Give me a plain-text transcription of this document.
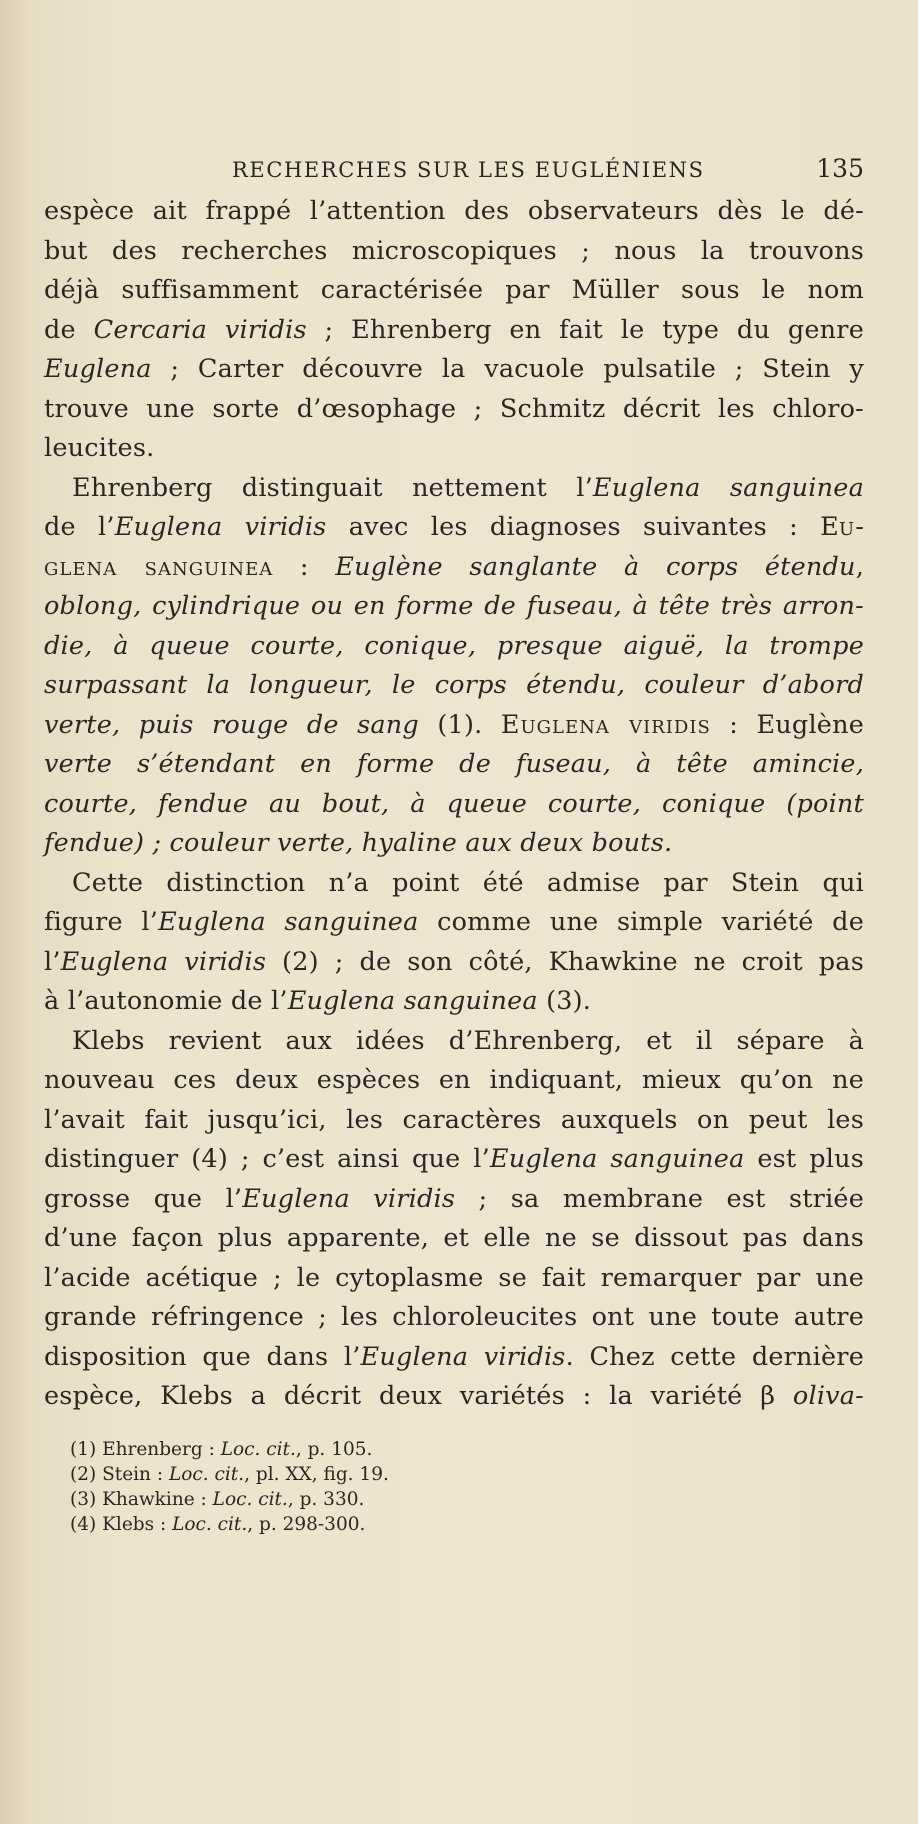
RECHERCHES SUR LES EUGLÉNIENS	135
espèce ait frappé l’attention des observateurs dès le dé-
but des recherches microscopiques ; nous la trouvons
déjà suffisamment caractérisée par Müller sous le nom
de Cercaria viridis ; Ehrenberg en fait le type du genre
Euglena ; Carter découvre la vacuole pulsatile ; Stein y
trouve une sorte d’œsophage ; Schmitz décrit les chloro-
leucites.
Ehrenberg distinguait nettement l’Euglena sanguinea
de l’Euglena viridis avec les diagnoses suivantes : Eu-
glena sanguinea : Euglène sanglante à corps étendu,
oblong, cylindrique ou en forme de fuseau, à tête très arron-
die, à queue courte, conique, presque aiguë, la trompe
surpassant la longueur, le corps étendu, couleur d’abord
verte, puis rouge de sang (1). Euglena viridis : Euglène
verte s’étendant en forme de fuseau, à tête amincie,
courte, fendue au bout, à queue courte, conique (point
fendue) ; couleur verte, hyaline aux deux bouts.
Cette distinction n’a point été admise par Stein qui
figure l’Euglena sanguinea comme une simple variété de
l’Euglena viridis (2) ; de son côté, Khawkine ne croit pas
à l’autonomie de l’Euglena sanguinea (3).
Klebs revient aux idées d’Ehrenberg, et il sépare à
nouveau ces deux espèces en indiquant, mieux qu’on ne
l’avait fait jusqu’ici, les caractères auxquels on peut les
distinguer (4) ; c’est ainsi que l’Euglena sanguinea est plus
grosse que l’Euglena viridis ; sa membrane est striée
d’une façon plus apparente, et elle ne se dissout pas dans
l’acide acétique ; le cytoplasme se fait remarquer par une
grande réfringence ; les chloroleucites ont une toute autre
disposition que dans l’Euglena viridis. Chez cette dernière
espèce, Klebs a décrit deux variétés : la variété β oliva-
(1) Ehrenberg : Loc. cit., p. 105.
(2) Stein : Loc. cit., pl. XX, fig. 19.
(3) Khawkine : Loc. cit., p. 330.
(4) Klebs : Loc. cit., p. 298-300.
